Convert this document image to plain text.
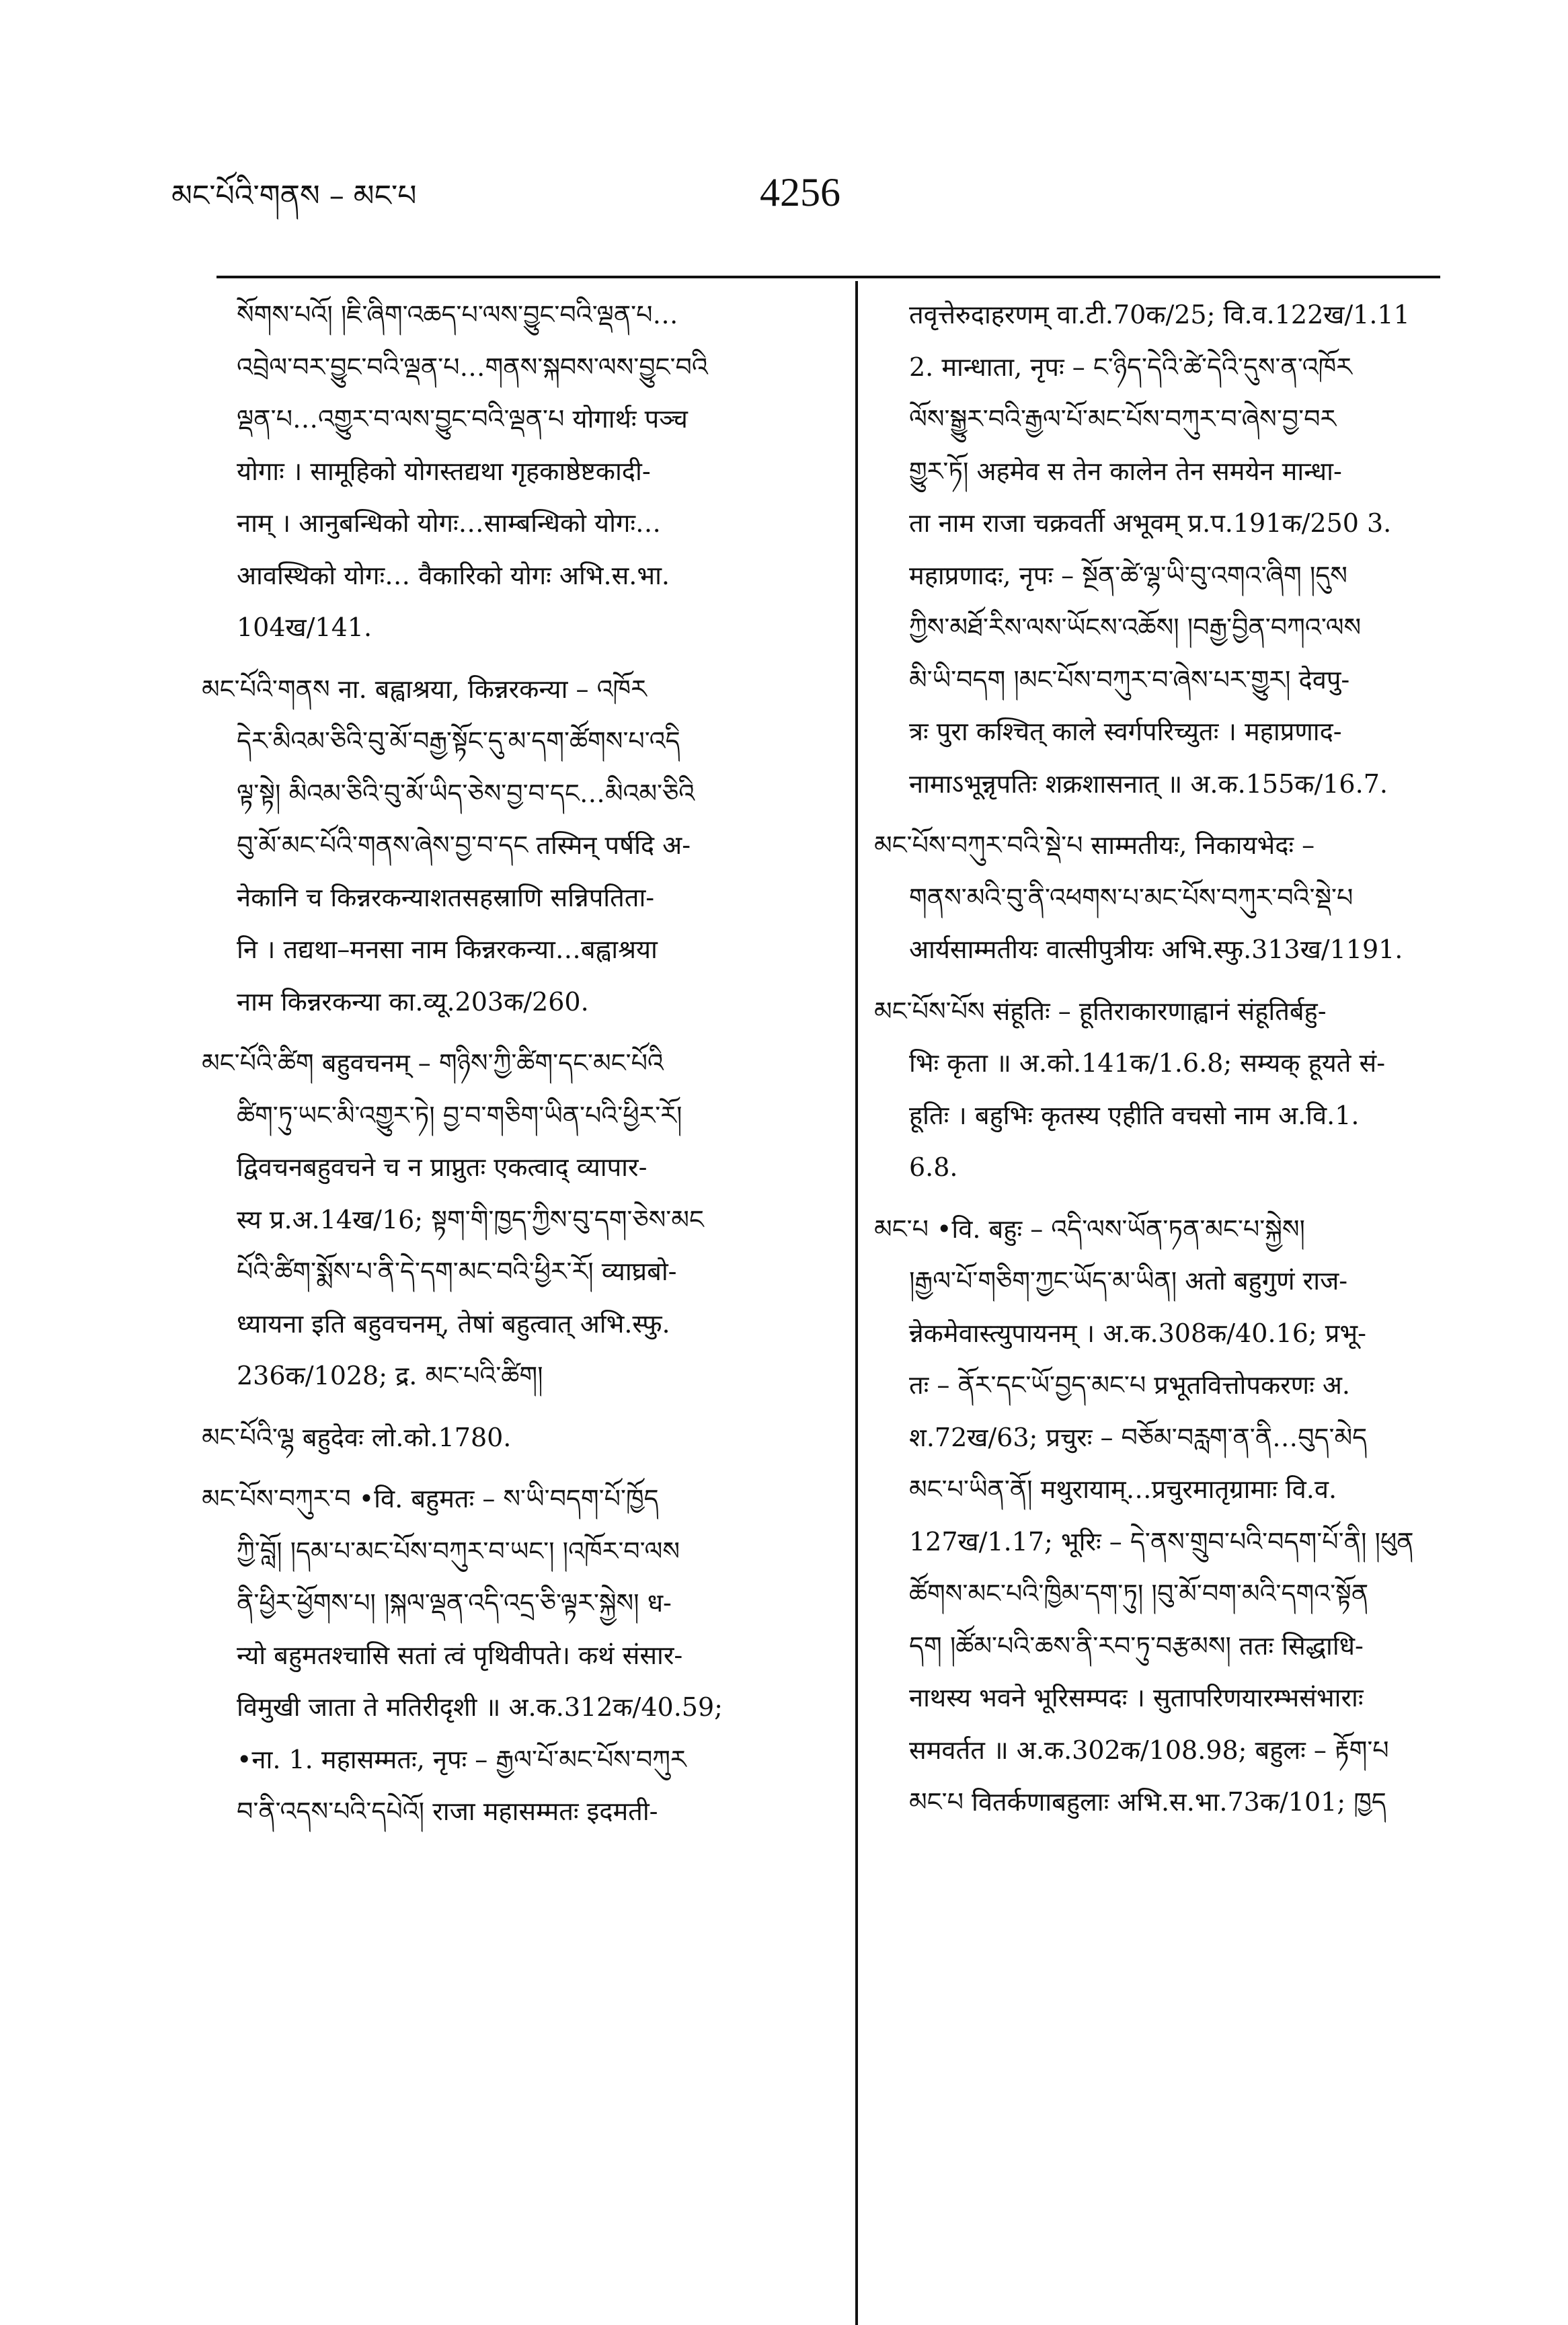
མང་པོའི་གནས – མང་པ	4256
སོགས་པའོ། །ཇི་ཞིག་འཆད་པ་ལས་བྱུང་བའི་ལྡན་པ…
འབྲེལ་བར་བྱུང་བའི་ལྡན་པ…གནས་སྐབས་ལས་བྱུང་བའི
ལྡན་པ…འགྱུར་བ་ལས་བྱུང་བའི་ལྡན་པ योगार्थः पञ्च
योगाः । सामूहिको योगस्तद्यथा गृहकाष्ठेष्टकादी-
नाम् । आनुबन्धिको योगः…साम्बन्धिको योगः…
आवस्थिको योगः… वैकारिको योगः अभि.स.भा.
104ख/141.
མང་པོའི་གནས ना. बह्वाश्रया, किन्नरकन्या – འཁོར
དེར་མིའམ་ཅིའི་བུ་མོ་བརྒྱ་སྟོང་དུ་མ་དག་ཚོགས་པ་འདི
ལྟ་སྟེ། མིའམ་ཅིའི་བུ་མོ་ཡིད་ཅེས་བྱ་བ་དང…མིའམ་ཅིའི
བུ་མོ་མང་པོའི་གནས་ཞེས་བྱ་བ་དང तस्मिन् पर्षदि अ-
नेकानि च किन्नरकन्याशतसहस्राणि सन्निपतिता-
नि । तद्यथा–मनसा नाम किन्नरकन्या…बह्वाश्रया
नाम किन्नरकन्या का.व्यू.203क/260.
མང་པོའི་ཚིག बहुवचनम् – གཉིས་ཀྱི་ཚིག་དང་མང་པོའི
ཚིག་ཏུ་ཡང་མི་འགྱུར་ཏེ། བྱ་བ་གཅིག་ཡིན་པའི་ཕྱིར་རོ།
द्विवचनबहुवचने च न प्राप्नुतः एकत्वाद् व्यापार-
स्य प्र.अ.14ख/16; སྟག་གི་ཁྱད་ཀྱིས་བུ་དག་ཅེས་མང
པོའི་ཚིག་སྨོས་པ་ནི་དེ་དག་མང་བའི་ཕྱིར་རོ། व्याघ्रबो-
ध्यायना इति बहुवचनम्, तेषां बहुत्वात् अभि.स्फु.
236क/1028; द्र. མང་པའི་ཚིག།
མང་པོའི་ལྷ बहुदेवः लो.को.1780.
མང་པོས་བཀུར་བ •वि. बहुमतः – ས་ཡི་བདག་པོ་ཁྱོད
ཀྱི་བློ། །དམ་པ་མང་པོས་བཀུར་བ་ཡང་། །འཁོར་བ་ལས
ནི་ཕྱིར་ཕྱོགས་པ། །སྐལ་ལྡན་འདི་འདྲ་ཅི་ལྟར་སྐྱེས། ध-
न्यो बहुमतश्चासि सतां त्वं पृथिवीपते। कथं संसार-
विमुखी जाता ते मतिरीदृशी ॥ अ.क.312क/40.59;
•ना. 1. महासम्मतः, नृपः – རྒྱལ་པོ་མང་པོས་བཀུར
བ་ནི་འདས་པའི་དཔེའོ། राजा महासम्मतः इदमती-
तवृत्तेरुदाहरणम् वा.टी.70क/25; वि.व.122ख/1.11
2. मान्धाता, नृपः – ང་ཉིད་དེའི་ཚེ་དེའི་དུས་ན་འཁོར
ལོས་སྒྱུར་བའི་རྒྱལ་པོ་མང་པོས་བཀུར་བ་ཞེས་བྱ་བར
གྱུར་ཏོ། अहमेव स तेन कालेन तेन समयेन मान्धा-
ता नाम राजा चक्रवर्ती अभूवम् प्र.प.191क/250 3.
महाप्रणादः, नृपः – སྔོན་ཚེ་ལྷ་ཡི་བུ་འགའ་ཞིག །དུས
ཀྱིས་མཐོ་རིས་ལས་ཡོངས་འཆོས། །བརྒྱ་བྱིན་བཀའ་ལས
མི་ཡི་བདག །མང་པོས་བཀུར་བ་ཞེས་པར་གྱུར། देवपु-
त्रः पुरा कश्चित् काले स्वर्गपरिच्युतः । महाप्रणाद-
नामाऽभून्नृपतिः शक्रशासनात् ॥ अ.क.155क/16.7.
མང་པོས་བཀུར་བའི་སྡེ་པ साम्मतीयः, निकायभेदः –
གནས་མའི་བུ་ནི་འཕགས་པ་མང་པོས་བཀུར་བའི་སྡེ་པ
आर्यसाम्मतीयः वात्सीपुत्रीयः अभि.स्फु.313ख/1191.
མང་པོས་པོས संहूतिः – हूतिराकारणाह्वानं संहूतिर्बहु-
भिः कृता ॥ अ.को.141क/1.6.8; सम्यक् हूयते सं-
हूतिः । बहुभिः कृतस्य एहीति वचसो नाम अ.वि.1.
6.8.
མང་པ •वि. बहुः – འདི་ལས་ཡོན་ཏན་མང་པ་སྐྱེས།
།རྒྱལ་པོ་གཅིག་ཀྱང་ཡོད་མ་ཡིན། अतो बहुगुणं राज-
न्नेकमेवास्त्युपायनम् । अ.क.308क/40.16; प्रभू-
तः – ནོར་དང་ཡོ་བྱད་མང་པ प्रभूतवित्तोपकरणः अ.
श.72ख/63; प्रचुरः – བཅོམ་བརླག་ན་ནི…བུད་མེད
མང་པ་ཡིན་ནོ། मथुरायाम्…प्रचुरमातृग्रामाः वि.व.
127ख/1.17; भूरिः – དེ་ནས་གྲུབ་པའི་བདག་པོ་ནི། །ཕུན
ཚོགས་མང་པའི་ཁྱིམ་དག་ཏུ། །བུ་མོ་བག་མའི་དགའ་སྟོན
དག །ཚོམ་པའི་ཆས་ནི་རབ་ཏུ་བརྩམས། ततः सिद्धाधि-
नाथस्य भवने भूरिसम्पदः । सुतापरिणयारम्भसंभाराः
समवर्तत ॥ अ.क.302क/108.98; बहुलः – རྟོག་པ
མང་པ वितर्कणाबहुलाः अभि.स.भा.73क/101; ཁྱད
